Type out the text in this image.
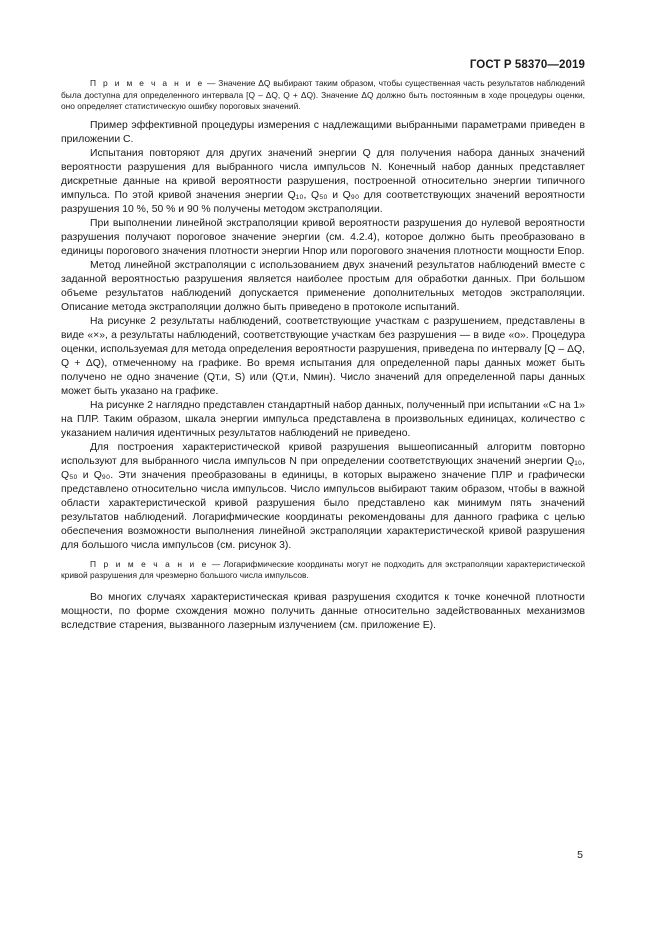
ГОСТ Р 58370—2019

П р и м е ч а н и е — Значение ΔQ выбирают таким образом, чтобы существенная часть результатов наблюдений была доступна для определенного интервала [Q – ΔQ, Q + ΔQ). Значение ΔQ должно быть постоянным в ходе процедуры оценки, оно определяет статистическую ошибку пороговых значений.

Пример эффективной процедуры измерения с надлежащими выбранными параметрами приведен в приложении С.

Испытания повторяют для других значений энергии Q для получения набора данных значений вероятности разрушения для выбранного числа импульсов N. Конечный набор данных представляет дискретные данные на кривой вероятности разрушения, построенной относительно энергии типичного импульса. По этой кривой значения энергии Q₁₀, Q₅₀ и Q₉₀ для соответствующих значений вероятности разрушения 10 %, 50 % и 90 % получены методом экстраполяции.

При выполнении линейной экстраполяции кривой вероятности разрушения до нулевой вероятности разрушения получают пороговое значение энергии (см. 4.2.4), которое должно быть преобразовано в единицы порогового значения плотности энергии Hпор или порогового значения плотности мощности Eпор.

Метод линейной экстраполяции с использованием двух значений результатов наблюдений вместе с заданной вероятностью разрушения является наиболее простым для обработки данных. При большом объеме результатов наблюдений допускается применение дополнительных методов экстраполяции. Описание метода экстраполяции должно быть приведено в протоколе испытаний.

На рисунке 2 результаты наблюдений, соответствующие участкам с разрушением, представлены в виде «×», а результаты наблюдений, соответствующие участкам без разрушения — в виде «о». Процедура оценки, используемая для метода определения вероятности разрушения, приведена по интервалу [Q – ΔQ, Q + ΔQ), отмеченному на графике. Во время испытания для определенной пары данных может быть получено не одно значение (Qт.и, S) или (Qт.и, Nмин). Число значений для определенной пары данных может быть указано на графике.

На рисунке 2 наглядно представлен стандартный набор данных, полученный при испытании «С на 1» на ПЛР. Таким образом, шкала энергии импульса представлена в произвольных единицах, количество с указанием наличия идентичных результатов наблюдений не приведено.

Для построения характеристической кривой разрушения вышеописанный алгоритм повторно используют для выбранного числа импульсов N при определении соответствующих значений энергии Q₁₀, Q₅₀ и Q₉₀. Эти значения преобразованы в единицы, в которых выражено значение ПЛР и графически представлено относительно числа импульсов. Число импульсов выбирают таким образом, чтобы в важной области характеристической кривой разрушения было представлено как минимум пять значений результатов наблюдений. Логарифмические координаты рекомендованы для данного графика с целью обеспечения возможности выполнения линейной экстраполяции характеристической кривой разрушения для большого числа импульсов (см. рисунок 3).

П р и м е ч а н и е — Логарифмические координаты могут не подходить для экстраполяции характеристической кривой разрушения для чрезмерно большого числа импульсов.

Во многих случаях характеристическая кривая разрушения сходится к точке конечной плотности мощности, по форме схождения можно получить данные относительно задействованных механизмов вследствие старения, вызванного лазерным излучением (см. приложение Е).

5
